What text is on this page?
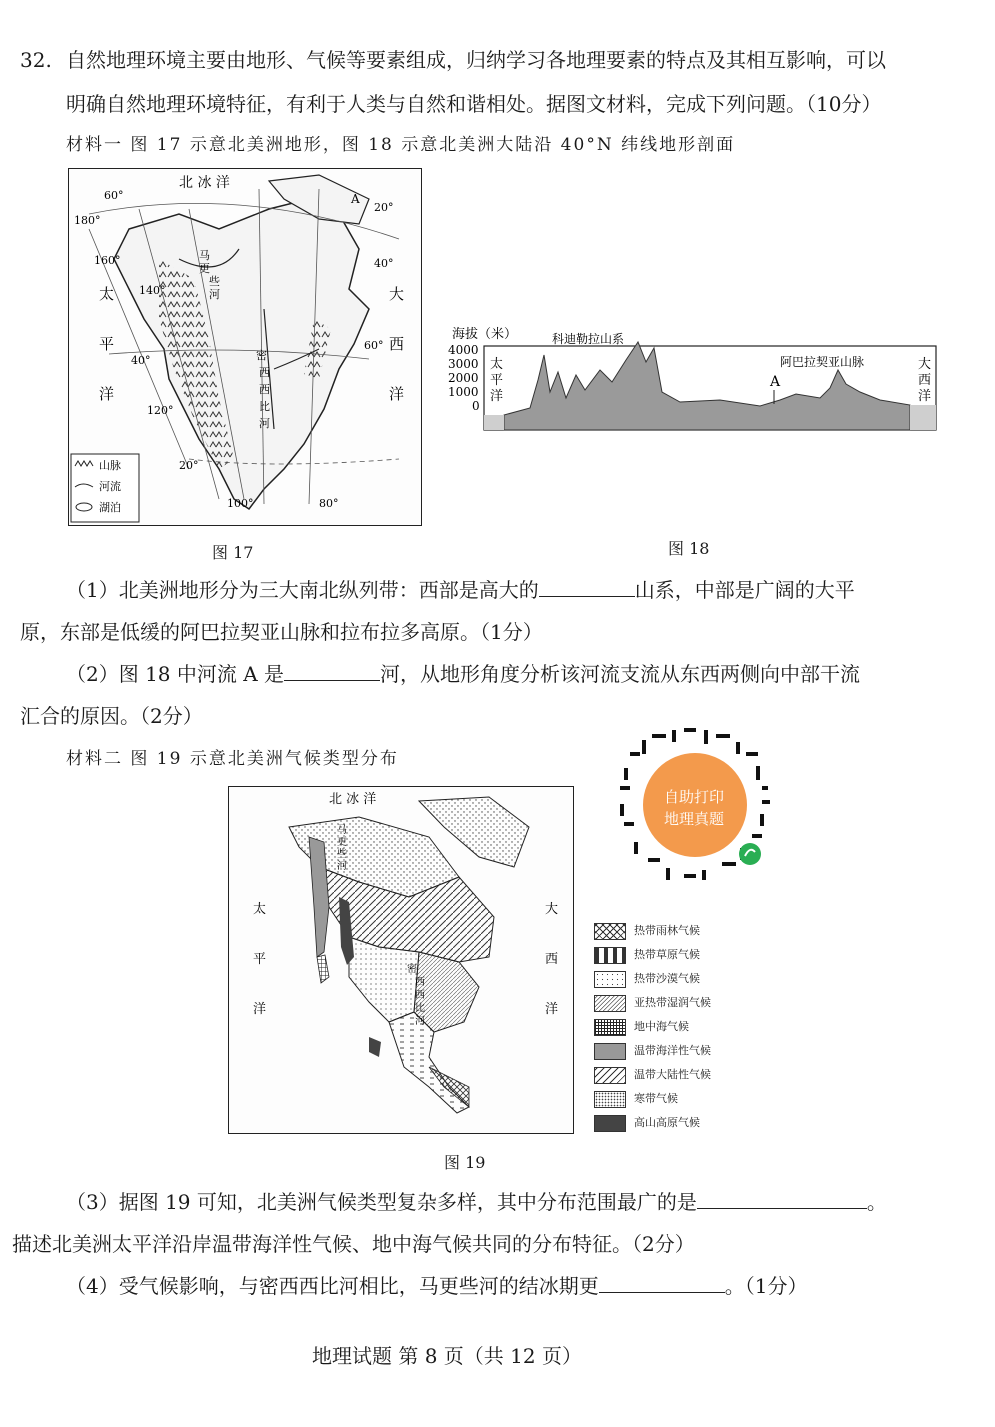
32. 自然地理环境主要由地形、气候等要素组成，归纳学习各地理要素的特点及其相互影响，可以
明确自然地理环境特征，有利于人类与自然和谐相处。据图文材料，完成下列问题。（10分）
材料一 图 17 示意北美洲地形，图 18 示意北美洲大陆沿 40°N 纬线地形剖面
北 冰 洋
太
平
洋
大
西
洋
马
更
些
河
密
西
西
比
河
A
60°
180°
160°
140°
40°
120°
20°
100°	80°
60°
20°
40°
山脉
河流
湖泊
图 17
海拔（米）
4000
3000
2000
1000
0
科迪勒拉山系
阿巴拉契亚山脉
A
太
平
洋
大
西
洋
图 18
（1）北美洲地形分为三大南北纵列带：西部是高大的	山系，中部是广阔的大平
原，东部是低缓的阿巴拉契亚山脉和拉布拉多高原。（1分）
（2）图 18 中河流 A 是	河，从地形角度分析该河流支流从东西两侧向中部干流
汇合的原因。（2分）
材料二 图 19 示意北美洲气候类型分布
自助打印
地理真题
北 冰 洋
太
平
洋
大
西
洋
马
更
些
河
密
西
西
比
河
热带雨林气候
热带草原气候
热带沙漠气候
亚热带湿润气候
地中海气候
温带海洋性气候
温带大陆性气候
寒带气候
高山高原气候
图 19
（3）据图 19 可知，北美洲气候类型复杂多样，其中分布范围最广的是	。
描述北美洲太平洋沿岸温带海洋性气候、地中海气候共同的分布特征。（2分）
（4）受气候影响，与密西西比河相比，马更些河的结冰期更	。（1分）
地理试题 第 8 页（共 12 页）
